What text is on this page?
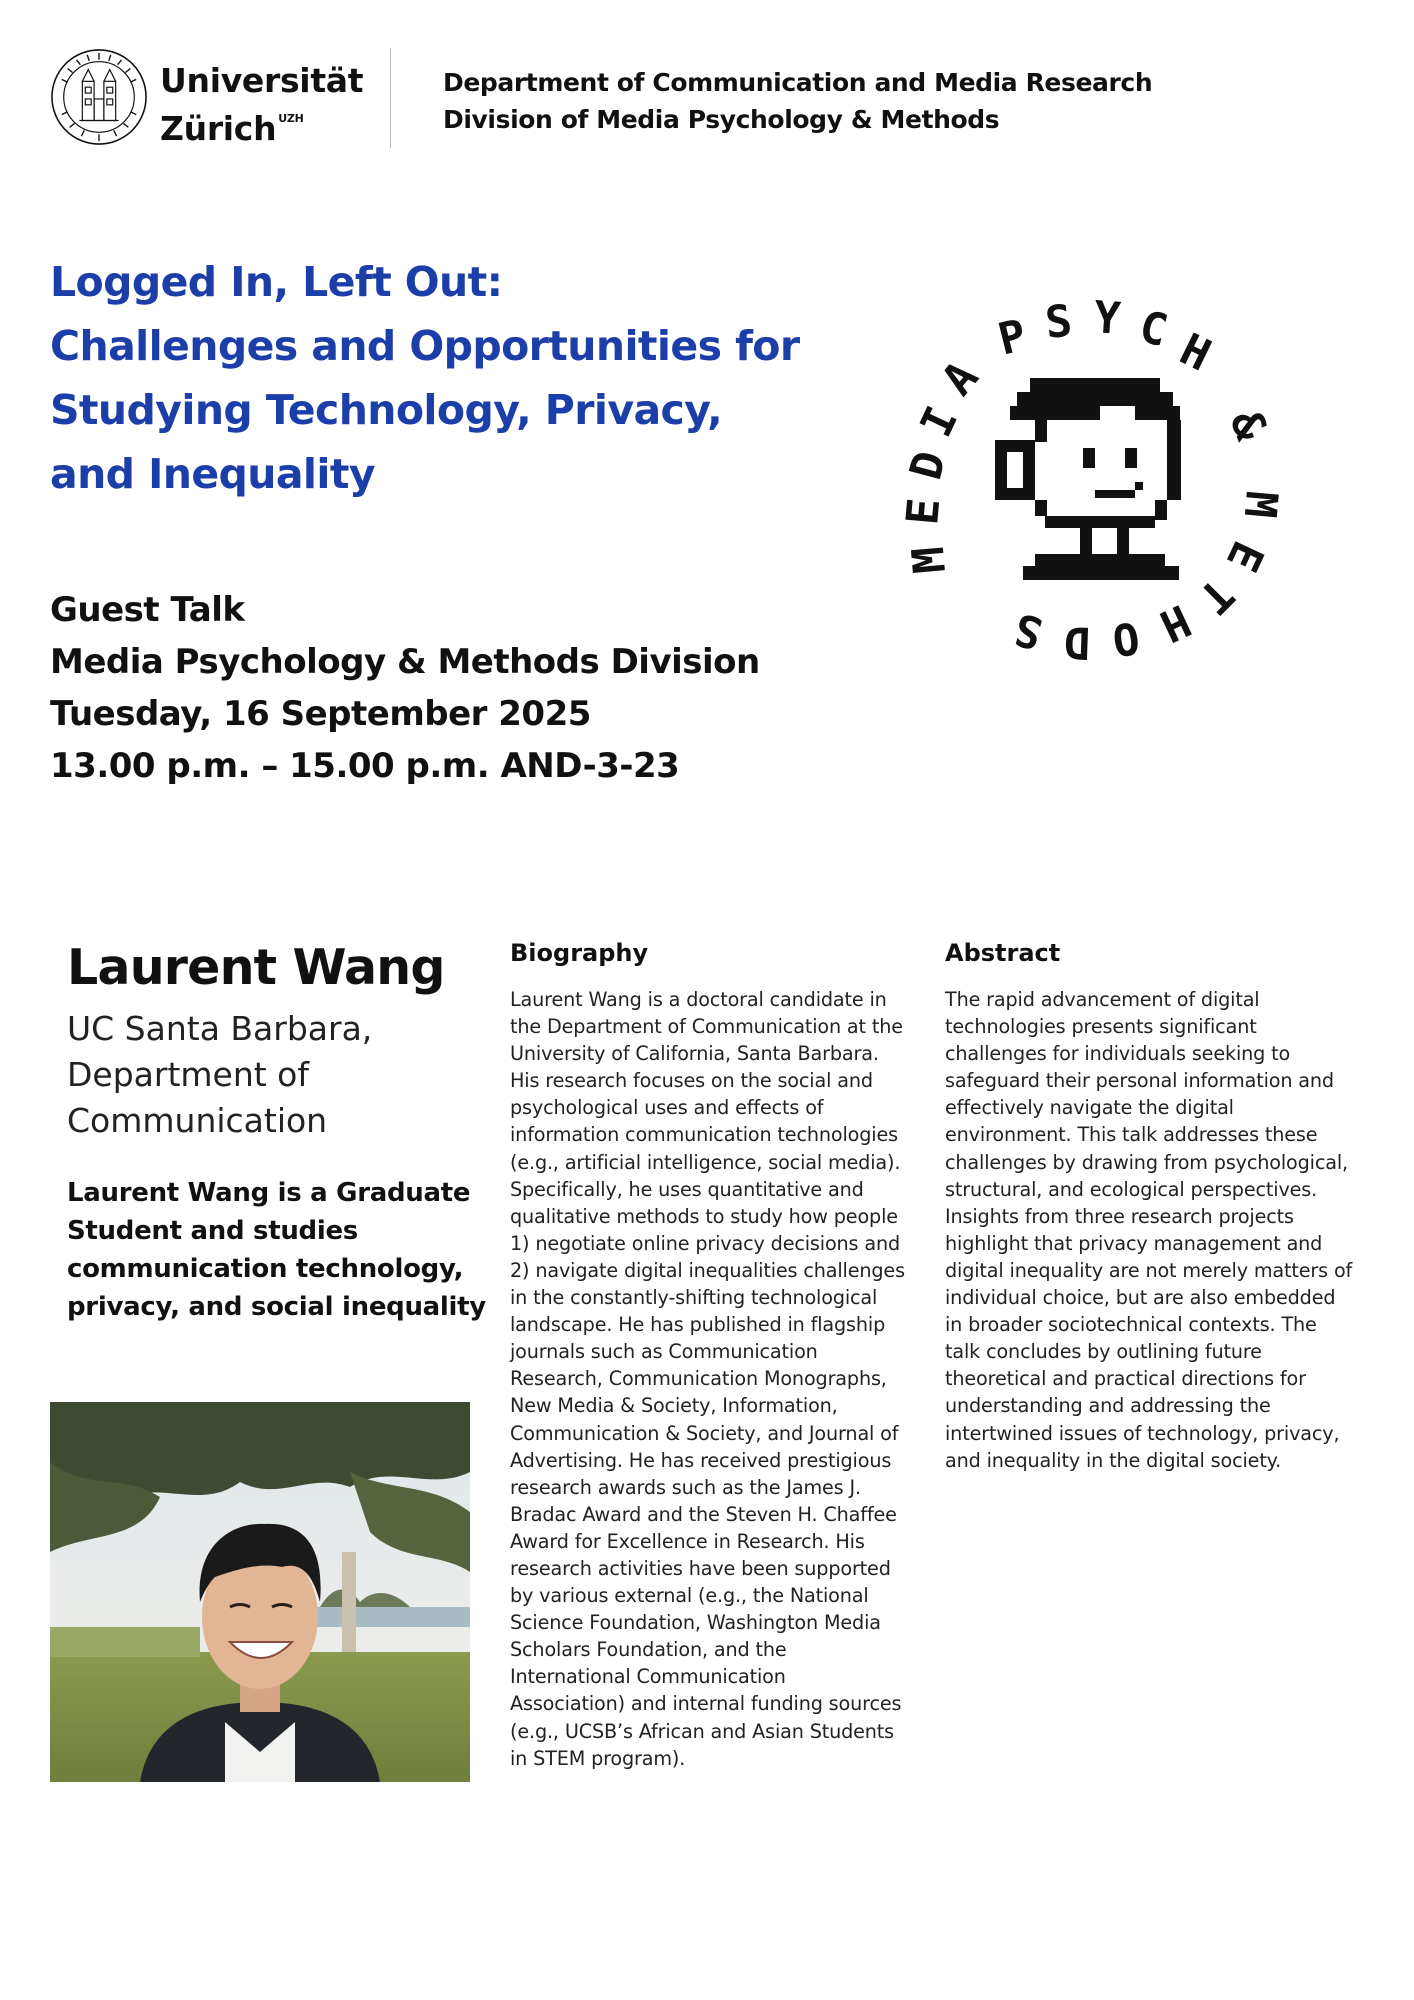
Universität
Zürich $^{UZH}$
Department of Communication and Media Research
Division of Media Psychology & Methods
Logged In, Left Out:
Challenges and Opportunities for
Studying Technology, Privacy,
and Inequality
Guest Talk
Media Psychology & Methods Division
Tuesday, 16 September 2025
13.00 p.m. – 15.00 p.m. AND-3-23
P S Y C H
&
M
E
T
H
O
D
S
M
E
D
I
A
Laurent Wang
UC Santa Barbara,
Department of
Communication
Laurent Wang is a Graduate
Student and studies
communication technology,
privacy, and social inequality
Biography
Laurent Wang is a doctoral candidate in
the Department of Communication at the
University of California, Santa Barbara.
His research focuses on the social and
psychological uses and effects of
information communication technologies
(e.g., artificial intelligence, social media).
Specifically, he uses quantitative and
qualitative methods to study how people
1) negotiate online privacy decisions and
2) navigate digital inequalities challenges
in the constantly-shifting technological
landscape. He has published in flagship
journals such as Communication
Research, Communication Monographs,
New Media & Society, Information,
Communication & Society, and Journal of
Advertising. He has received prestigious
research awards such as the James J.
Bradac Award and the Steven H. Chaffee
Award for Excellence in Research. His
research activities have been supported
by various external (e.g., the National
Science Foundation, Washington Media
Scholars Foundation, and the
International Communication
Association) and internal funding sources
(e.g., UCSB’s African and Asian Students
in STEM program).
Abstract
The rapid advancement of digital
technologies presents significant
challenges for individuals seeking to
safeguard their personal information and
effectively navigate the digital
environment. This talk addresses these
challenges by drawing from psychological,
structural, and ecological perspectives.
Insights from three research projects
highlight that privacy management and
digital inequality are not merely matters of
individual choice, but are also embedded
in broader sociotechnical contexts. The
talk concludes by outlining future
theoretical and practical directions for
understanding and addressing the
intertwined issues of technology, privacy,
and inequality in the digital society.
